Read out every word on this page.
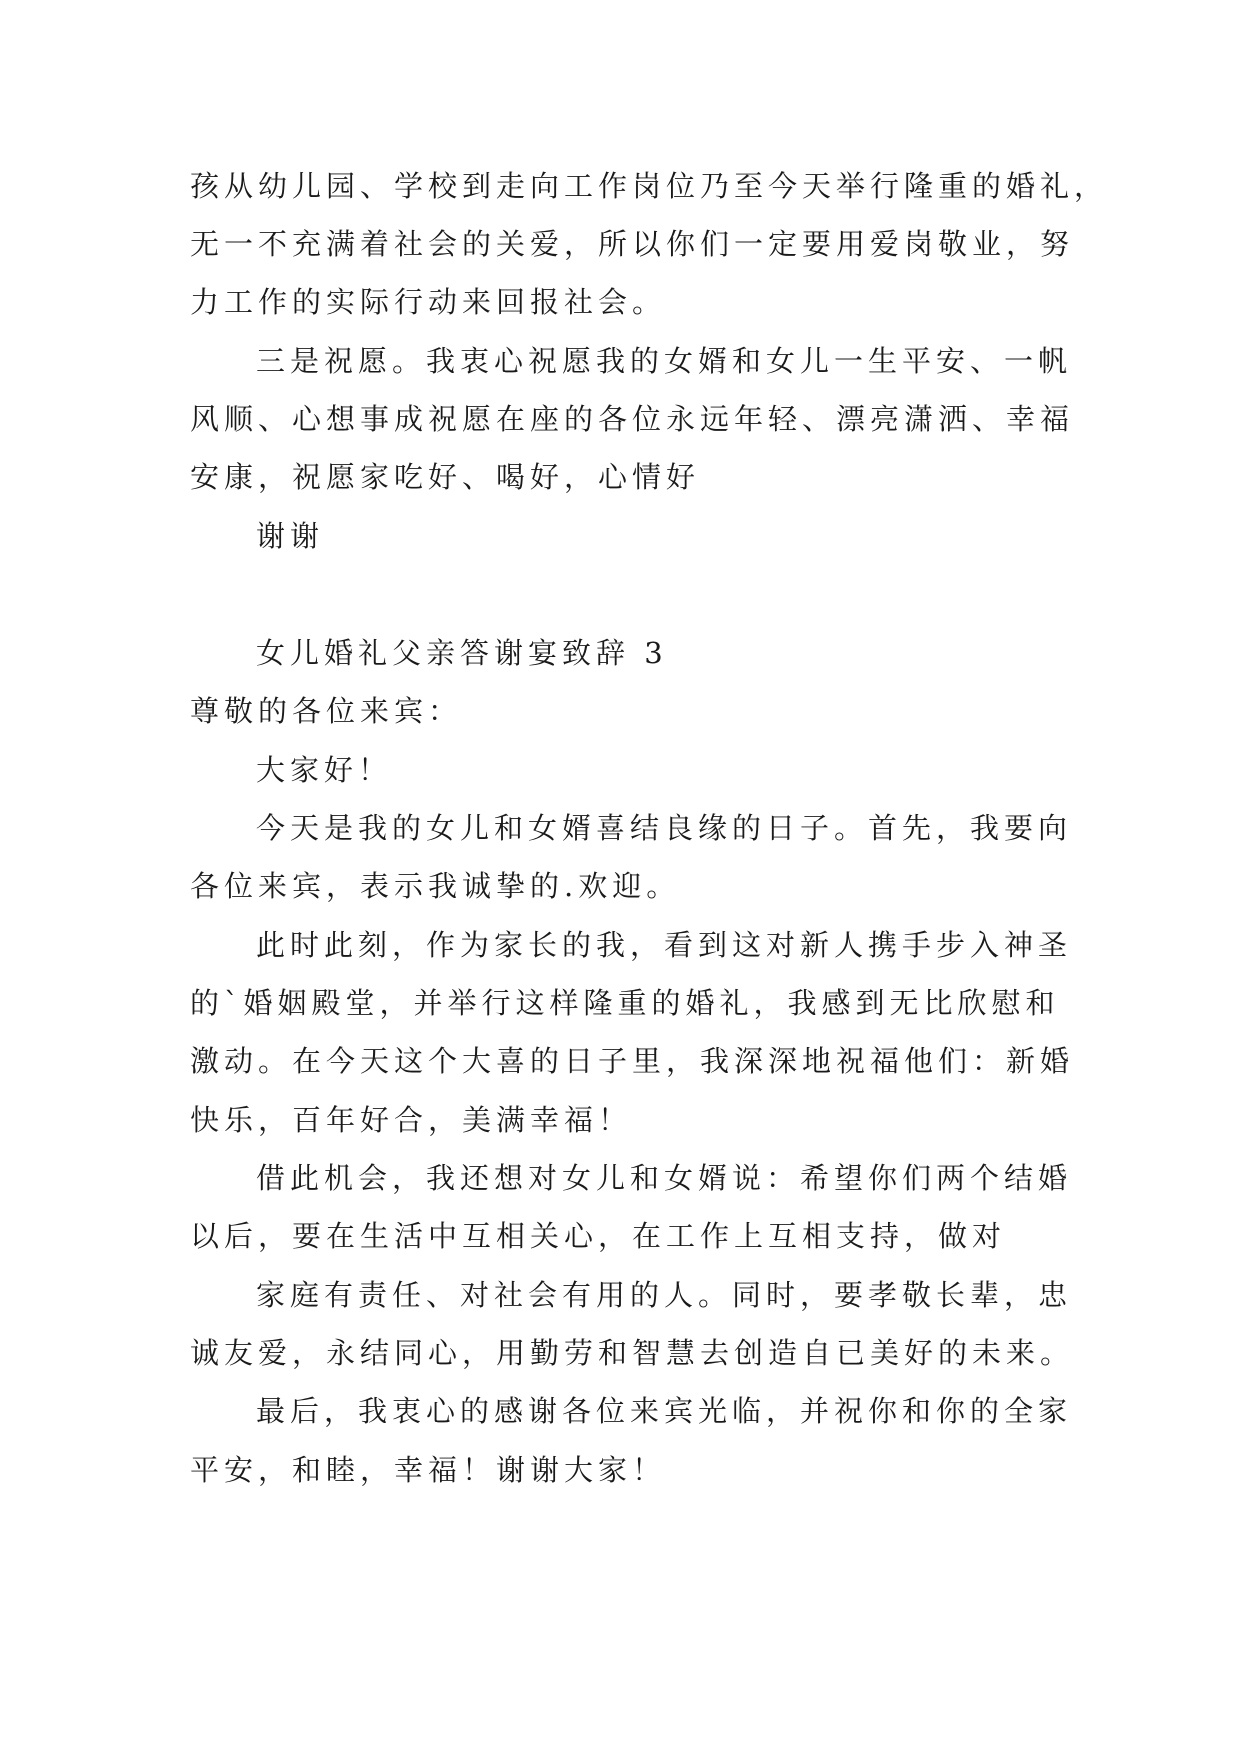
孩从幼儿园、学校到走向工作岗位乃至今天举行隆重的婚礼，
无一不充满着社会的关爱，所以你们一定要用爱岗敬业，努
力工作的实际行动来回报社会。
三是祝愿。我衷心祝愿我的女婿和女儿一生平安、一帆
风顺、心想事成祝愿在座的各位永远年轻、漂亮潇洒、幸福
安康，祝愿家吃好、喝好，心情好
谢谢
女儿婚礼父亲答谢宴致辞 3
尊敬的各位来宾：
大家好！
今天是我的女儿和女婿喜结良缘的日子。首先，我要向
各位来宾，表示我诚挚的.欢迎。
此时此刻，作为家长的我，看到这对新人携手步入神圣
的`婚姻殿堂，并举行这样隆重的婚礼，我感到无比欣慰和
激动。在今天这个大喜的日子里，我深深地祝福他们：新婚
快乐，百年好合，美满幸福！
借此机会，我还想对女儿和女婿说：希望你们两个结婚
以后，要在生活中互相关心，在工作上互相支持，做对
家庭有责任、对社会有用的人。同时，要孝敬长辈，忠
诚友爱，永结同心，用勤劳和智慧去创造自已美好的未来。
最后，我衷心的感谢各位来宾光临，并祝你和你的全家
平安，和睦，幸福！谢谢大家！
